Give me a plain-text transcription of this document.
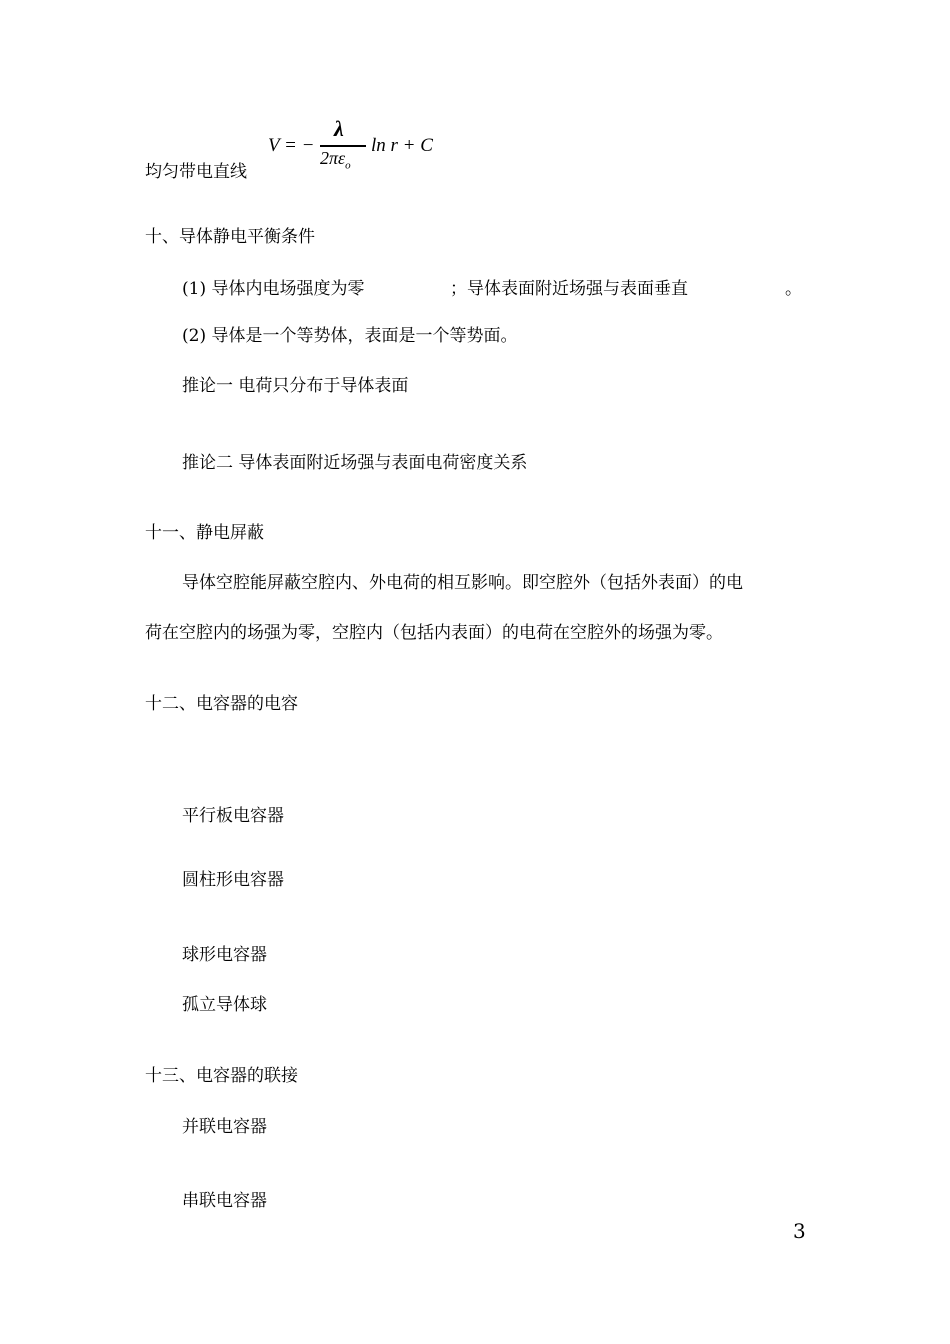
V = −
λ
$2\pi\varepsilon_o$
ln r + C
均匀带电直线
十、导体静电平衡条件
(1) 导体内电场强度为零	；导体表面附近场强与表面垂直	。
(2) 导体是一个等势体，表面是一个等势面。
推论一 电荷只分布于导体表面
推论二 导体表面附近场强与表面电荷密度关系
十一、静电屏蔽
导体空腔能屏蔽空腔内、外电荷的相互影响。即空腔外（包括外表面）的电
荷在空腔内的场强为零，空腔内（包括内表面）的电荷在空腔外的场强为零。
十二、电容器的电容
平行板电容器
圆柱形电容器
球形电容器
孤立导体球
十三、电容器的联接
并联电容器
串联电容器
3
